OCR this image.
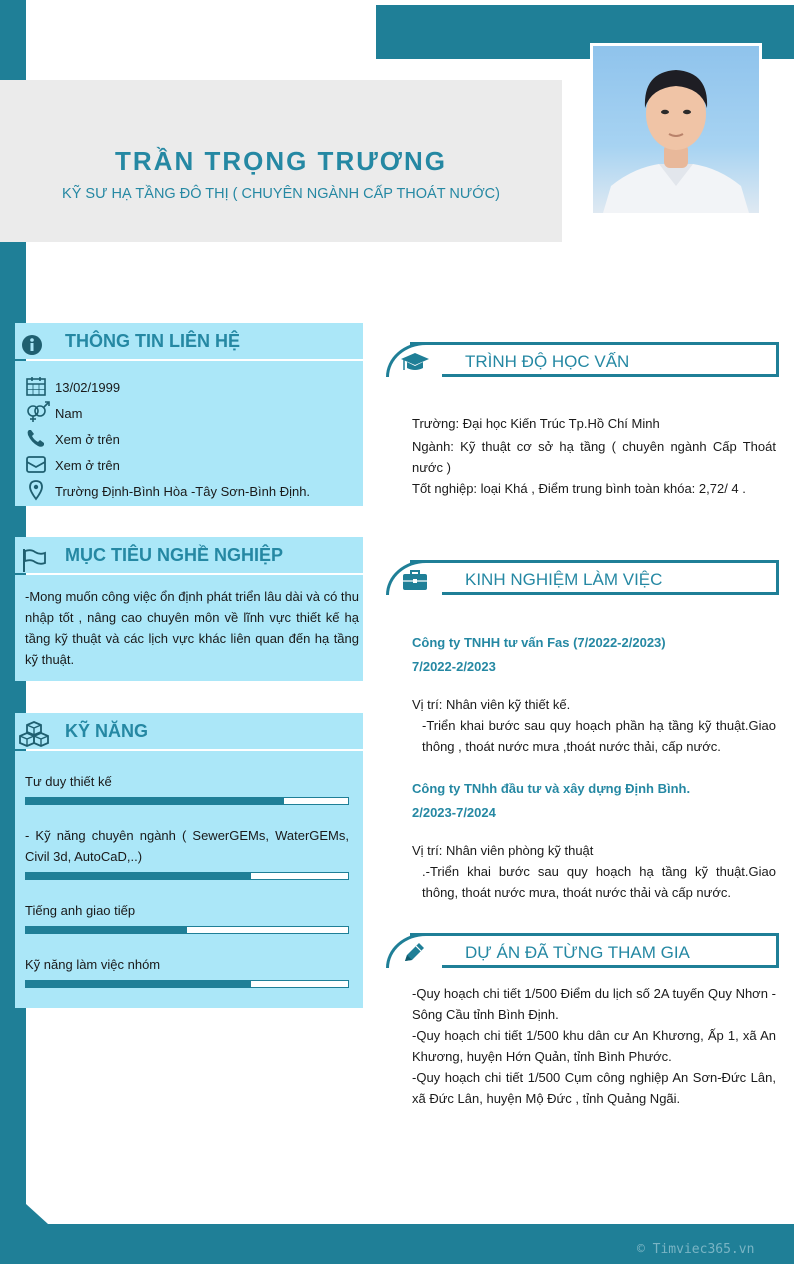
TRẦN TRỌNG TRƯƠNG
KỸ SƯ HẠ TẦNG ĐÔ THỊ ( CHUYÊN NGÀNH CẤP THOÁT NƯỚC)
THÔNG TIN LIÊN HỆ
13/02/1999
Nam
Xem ở trên
Xem ở trên
Trường Định-Bình Hòa -Tây Sơn-Bình Định.
MỤC TIÊU NGHỀ NGHIỆP
-Mong muốn công việc ổn định phát triển lâu dài và có thu nhập tốt , nâng cao chuyên môn về lĩnh vực thiết kế hạ tầng kỹ thuật và các lịch vực khác liên quan đến hạ tầng kỹ thuật.
KỸ NĂNG
Tư duy thiết kế
- Kỹ năng chuyên ngành ( SewerGEMs, WaterGEMs, Civil 3d, AutoCaD,..)
Tiếng anh giao tiếp
Kỹ năng làm việc nhóm
TRÌNH ĐỘ HỌC VẤN
Trường: Đại học Kiến Trúc Tp.Hồ Chí Minh
Ngành: Kỹ thuật cơ sở hạ tầng ( chuyên ngành Cấp Thoát nước )
Tốt nghiệp: loại Khá , Điểm trung bình toàn khóa: 2,72/ 4 .
KINH NGHIỆM LÀM VIỆC
Công ty TNHH tư vấn Fas (7/2022-2/2023)
7/2022-2/2023
Vị trí: Nhân viên kỹ thiết kế.
-Triển khai bước sau quy hoạch phần hạ tầng kỹ thuật.Giao thông , thoát nước mưa ,thoát nước thải, cấp nước.
Công ty TNhh đầu tư và xây dựng Định Bình.
2/2023-7/2024
Vị trí: Nhân viên phòng kỹ thuật
.-Triển khai bước sau quy hoạch hạ tầng kỹ thuật.Giao thông, thoát nước mưa, thoát nước thải và cấp nước.
DỰ ÁN ĐÃ TỪNG THAM GIA
-Quy hoạch chi tiết 1/500 Điểm du lịch số 2A tuyến Quy Nhơn - Sông Cầu tỉnh Bình Định.
-Quy hoạch chi tiết 1/500 khu dân cư An Khương, Ấp 1, xã An Khương, huyện Hớn Quản, tỉnh Bình Phước.
-Quy hoạch chi tiết 1/500 Cụm công nghiệp An Sơn-Đức Lân, xã Đức Lân, huyện Mộ Đức , tỉnh Quảng Ngãi.
© Timviec365.vn
